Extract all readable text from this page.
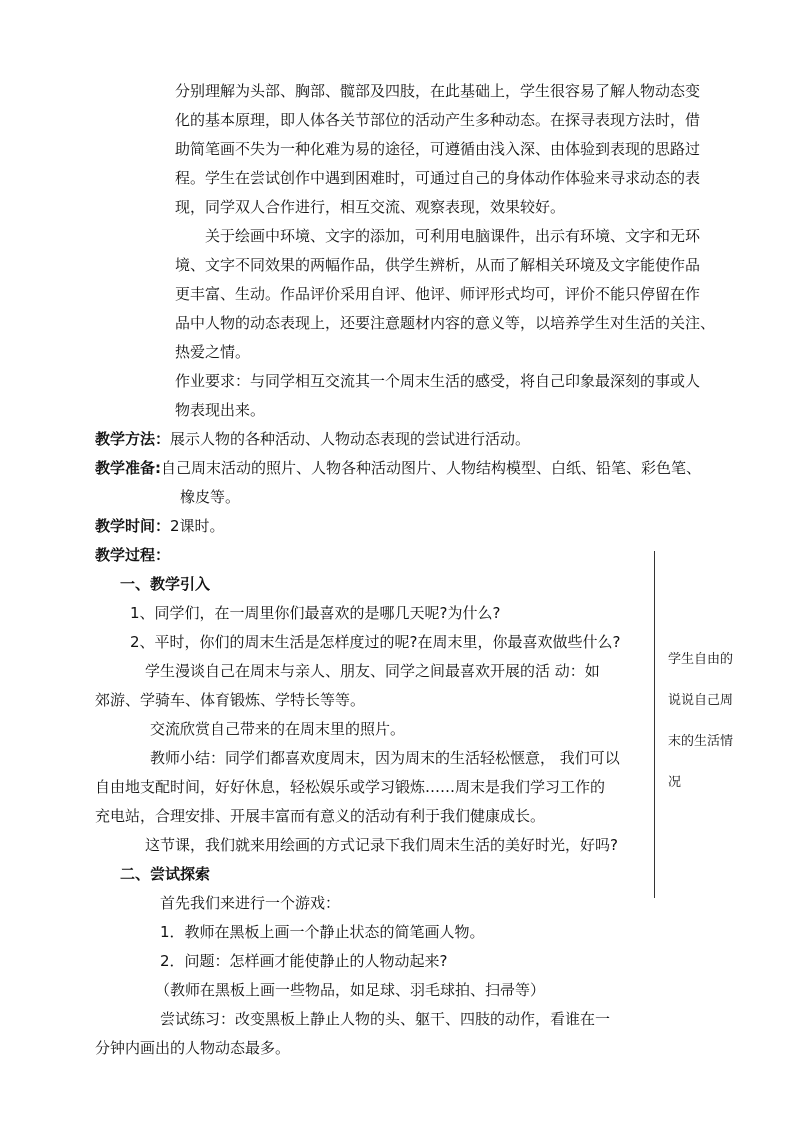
分别理解为头部、胸部、髋部及四肢，在此基础上，学生很容易了解人物动态变

化的基本原理，即人体各关节部位的活动产生多种动态。在探寻表现方法时，借

助简笔画不失为一种化难为易的途径，可遵循由浅入深、由体验到表现的思路过

程。学生在尝试创作中遇到困难时，可通过自己的身体动作体验来寻求动态的表

现，同学双人合作进行，相互交流、观察表现，效果较好。

关于绘画中环境、文字的添加，可利用电脑课件，出示有环境、文字和无环

境、文字不同效果的两幅作品，供学生辨析，从而了解相关环境及文字能使作品

更丰富、生动。作品评价采用自评、他评、师评形式均可，评价不能只停留在作

品中人物的动态表现上，还要注意题材内容的意义等，以培养学生对生活的关注、

热爱之情。

作业要求：与同学相互交流其一个周末生活的感受，将自己印象最深刻的事或人

物表现出来。

教学方法：展示人物的各种活动、人物动态表现的尝试进行活动。

教学准备:自己周末活动的照片、人物各种活动图片、人物结构模型、白纸、铅笔、彩色笔、

橡皮等。

教学时间：2课时。

教学过程：

一、教学引入

1、同学们，在一周里你们最喜欢的是哪几天呢?为什么?

2、平时，你们的周末生活是怎样度过的呢?在周末里，你最喜欢做些什么?

学生漫谈自己在周末与亲人、朋友、同学之间最喜欢开展的活 动：如

郊游、学骑车、体育锻炼、学特长等等。

交流欣赏自己带来的在周末里的照片。

教师小结：同学们都喜欢度周末，因为周末的生活轻松惬意， 我们可以

自由地支配时间，好好休息，轻松娱乐或学习锻炼……周末是我们学习工作的

充电站，合理安排、开展丰富而有意义的活动有利于我们健康成长。

这节课，我们就来用绘画的方式记录下我们周末生活的美好时光，好吗?

二、尝试探索

首先我们来进行一个游戏：

1．教师在黑板上画一个静止状态的简笔画人物。

2．问题：怎样画才能使静止的人物动起来?

（教师在黑板上画一些物品，如足球、羽毛球拍、扫帚等）

尝试练习：改变黑板上静止人物的头、躯干、四肢的动作，看谁在一

分钟内画出的人物动态最多。

学生自由的

说说自己周

末的生活情

况
